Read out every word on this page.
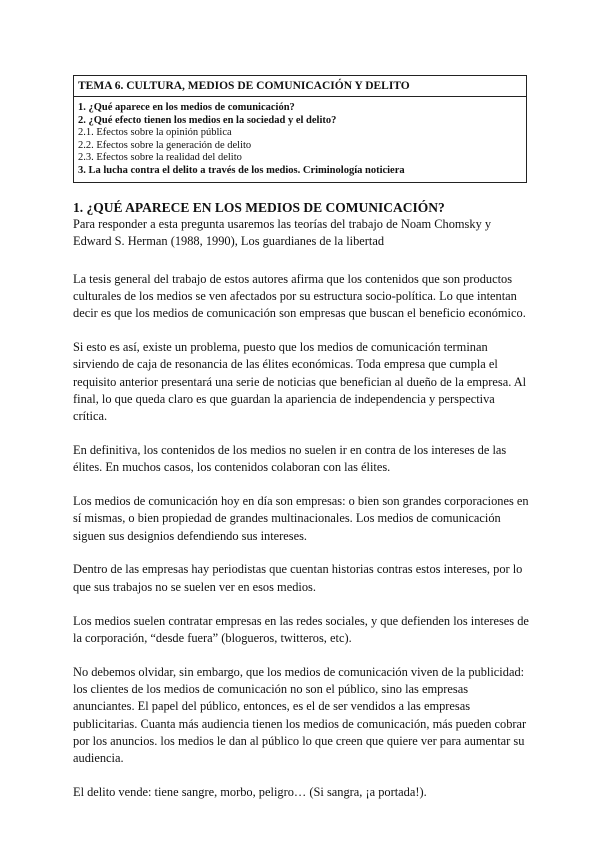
TEMA 6. CULTURA, MEDIOS DE COMUNICACIÓN Y DELITO
1. ¿Qué aparece en los medios de comunicación?
2. ¿Qué efecto tienen los medios en la sociedad y el delito?
2.1. Efectos sobre la opinión pública
2.2. Efectos sobre la generación de delito
2.3. Efectos sobre la realidad del delito
3. La lucha contra el delito a través de los medios. Criminología noticiera
1. ¿QUÉ APARECE EN LOS MEDIOS DE COMUNICACIÓN?

Para responder a esta pregunta usaremos las teorías del trabajo de Noam Chomsky y Edward S. Herman (1988, 1990), Los guardianes de la libertad

La tesis general del trabajo de estos autores afirma que los contenidos que son productos culturales de los medios se ven afectados por su estructura socio-política. Lo que intentan decir es que los medios de comunicación son empresas que buscan el beneficio económico.

Si esto es así, existe un problema, puesto que los medios de comunicación terminan sirviendo de caja de resonancia de las élites económicas. Toda empresa que cumpla el requisito anterior presentará una serie de noticias que benefician al dueño de la empresa. Al final, lo que queda claro es que guardan la apariencia de independencia y perspectiva crítica.

En definitiva, los contenidos de los medios no suelen ir en contra de los intereses de las élites. En muchos casos, los contenidos colaboran con las élites.

Los medios de comunicación hoy en día son empresas: o bien son grandes corporaciones en sí mismas, o bien propiedad de grandes multinacionales. Los medios de comunicación siguen sus designios defendiendo sus intereses.

Dentro de las empresas hay periodistas que cuentan historias contras estos intereses, por lo que sus trabajos no se suelen ver en esos medios.

Los medios suelen contratar empresas en las redes sociales, y que defienden los intereses de la corporación, “desde fuera” (blogueros, twitteros, etc).

No debemos olvidar, sin embargo, que los medios de comunicación viven de la publicidad: los clientes de los medios de comunicación no son el público, sino las empresas anunciantes. El papel del público, entonces, es el de ser vendidos a las empresas publicitarias. Cuanta más audiencia tienen los medios de comunicación, más pueden cobrar por los anuncios. los medios le dan al público lo que creen que quiere ver para aumentar su audiencia.

El delito vende: tiene sangre, morbo, peligro… (Si sangra, ¡a portada!).
